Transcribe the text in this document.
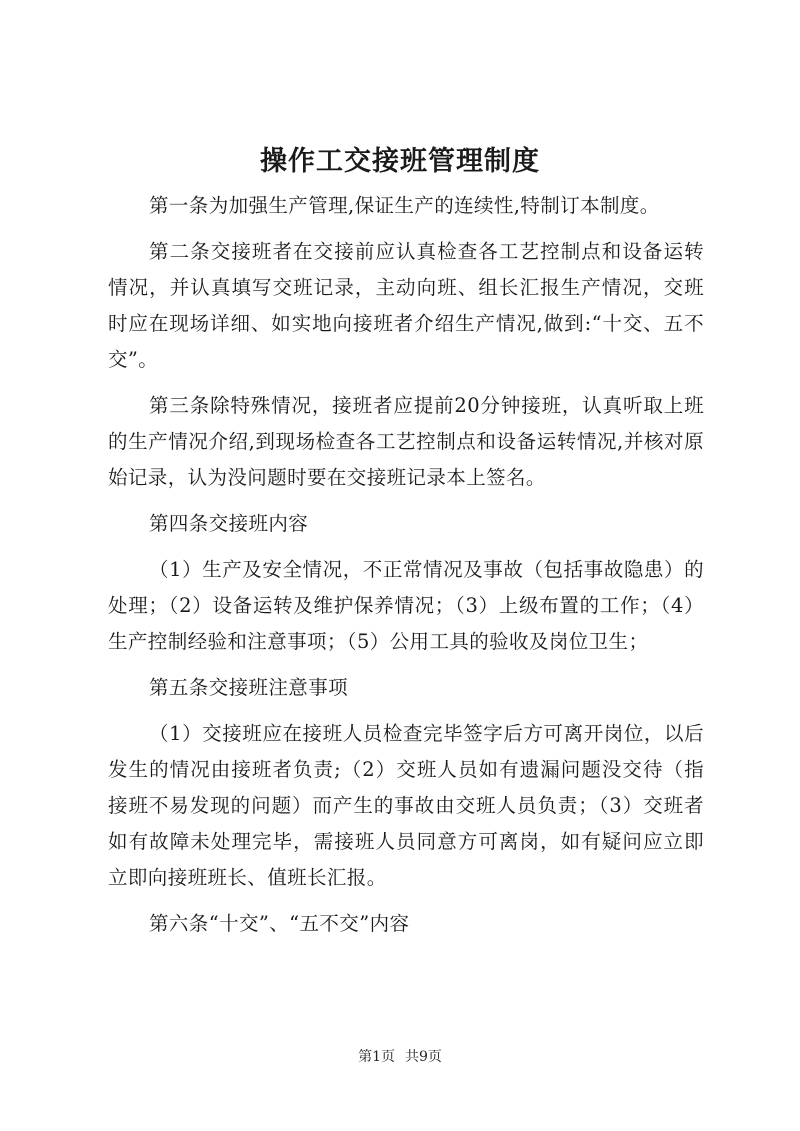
操作工交接班管理制度

第一条为加强生产管理,保证生产的连续性,特制订本制度。

第二条交接班者在交接前应认真检查各工艺控制点和设备运转情况，并认真填写交班记录，主动向班、组长汇报生产情况，交班时应在现场详细、如实地向接班者介绍生产情况,做到:“十交、五不交”。

第三条除特殊情况，接班者应提前20分钟接班，认真听取上班的生产情况介绍,到现场检查各工艺控制点和设备运转情况,并核对原始记录，认为没问题时要在交接班记录本上签名。

第四条交接班内容

（1）生产及安全情况，不正常情况及事故（包括事故隐患）的处理；（2）设备运转及维护保养情况；（3）上级布置的工作；（4）生产控制经验和注意事项；（5）公用工具的验收及岗位卫生；

第五条交接班注意事项

（1）交接班应在接班人员检查完毕签字后方可离开岗位，以后发生的情况由接班者负责;（2）交班人员如有遗漏问题没交待（指接班不易发现的问题）而产生的事故由交班人员负责；（3）交班者如有故障未处理完毕，需接班人员同意方可离岗，如有疑问应立即立即向接班班长、值班长汇报。

第六条“十交”、“五不交”内容

第1页 共9页
